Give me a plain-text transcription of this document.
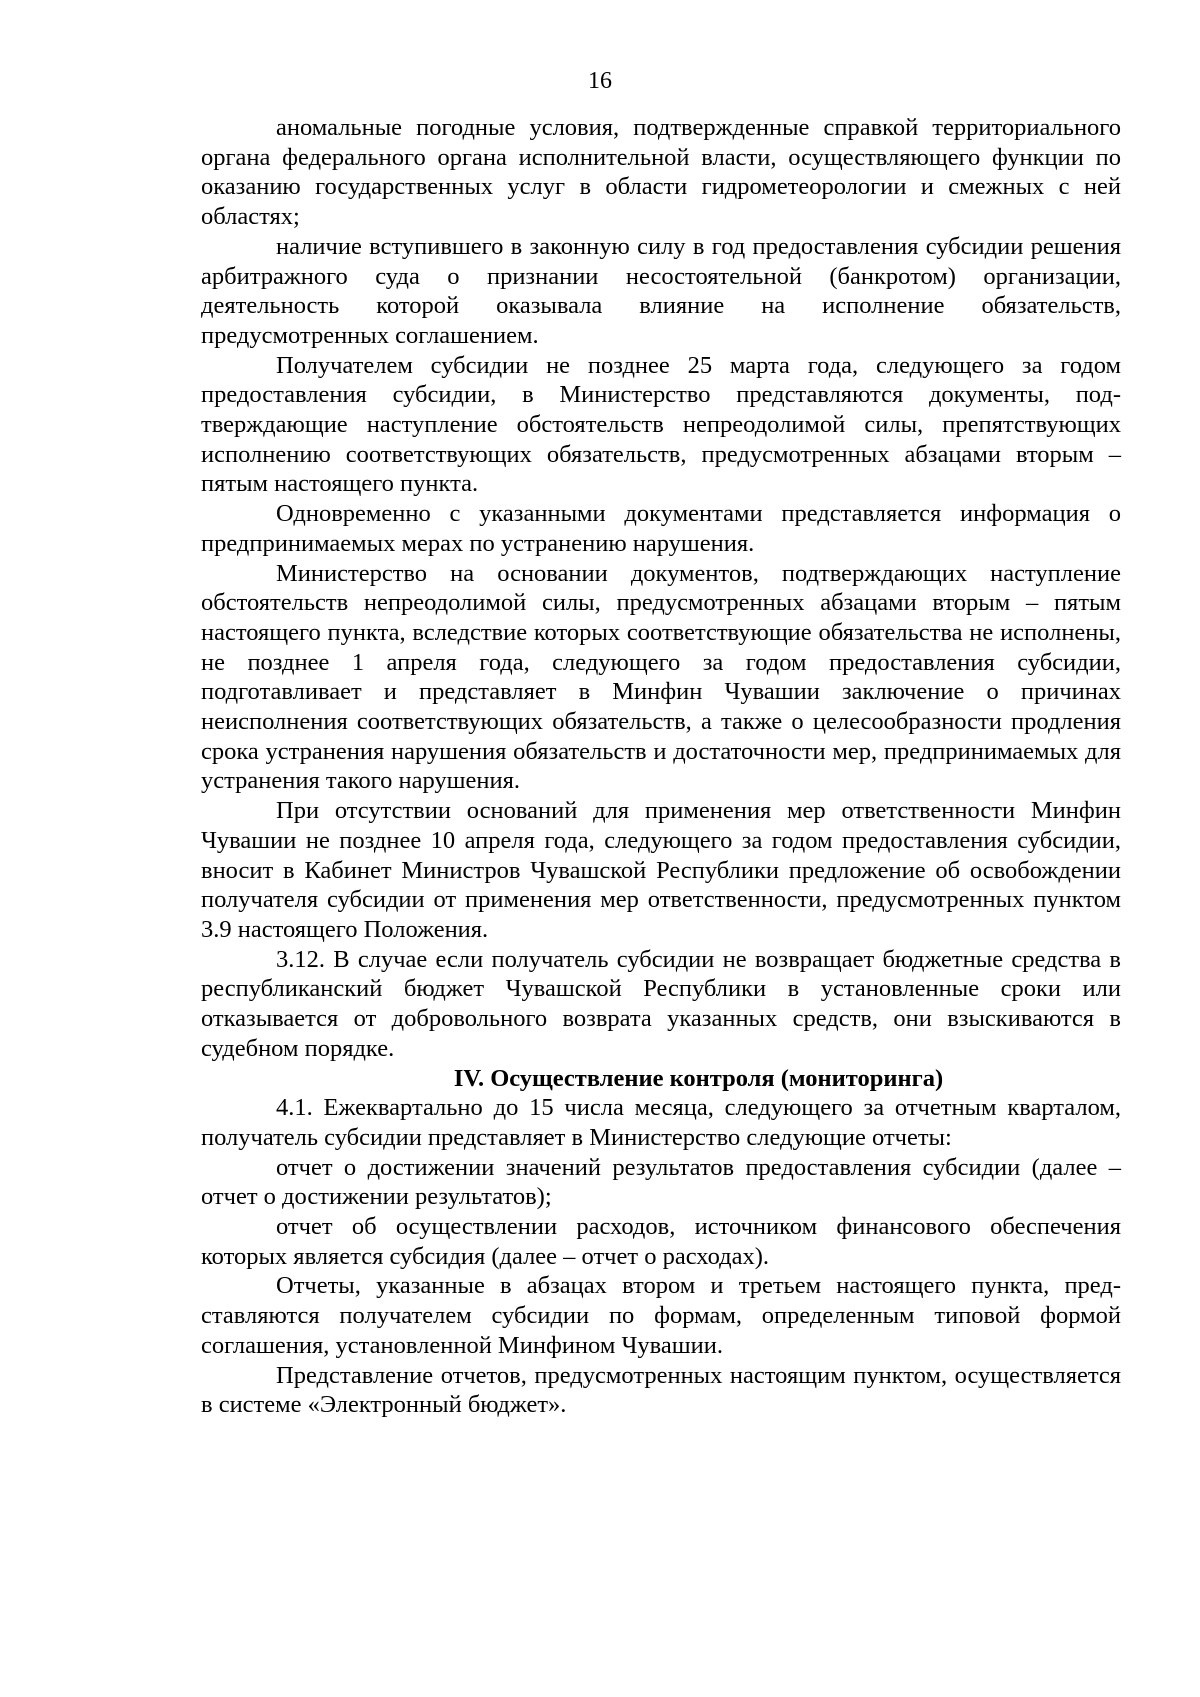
16

аномальные погодные условия, подтвержденные справкой территориального органа федерального органа исполнительной власти, осуществляющего функции по оказанию государственных услуг в области гидрометеорологии и смежных с ней областях;

наличие вступившего в законную силу в год предоставления субсидии решения арбитражного суда о признании несостоятельной (банкротом) организации, деятельность которой оказывала влияние на исполнение обязательств, предусмотренных соглашением.

Получателем субсидии не позднее 25 марта года, следующего за годом предоставления субсидии, в Министерство представляются документы, подтверждающие наступление обстоятельств непреодолимой силы, препятствующих исполнению соответствующих обязательств, предусмотренных абзацами вторым – пятым настоящего пункта.

Одновременно с указанными документами представляется информация о предпринимаемых мерах по устранению нарушения.

Министерство на основании документов, подтверждающих наступление обстоятельств непреодолимой силы, предусмотренных абзацами вторым – пятым настоящего пункта, вследствие которых соответствующие обязательства не исполнены, не позднее 1 апреля года, следующего за годом предоставления субсидии, подготавливает и представляет в Минфин Чувашии заключение о причинах неисполнения соответствующих обязательств, а также о целесообразности продления срока устранения нарушения обязательств и достаточности мер, предпринимаемых для устранения такого нарушения.

При отсутствии оснований для применения мер ответственности Минфин Чувашии не позднее 10 апреля года, следующего за годом предоставления субсидии, вносит в Кабинет Министров Чувашской Республики предложение об освобождении получателя субсидии от применения мер ответственности, предусмотренных пунктом 3.9 настоящего Положения.

3.12. В случае если получатель субсидии не возвращает бюджетные средства в республиканский бюджет Чувашской Республики в установленные сроки или отказывается от добровольного возврата указанных средств, они взыскиваются в судебном порядке.

IV. Осуществление контроля (мониторинга)

4.1. Ежеквартально до 15 числа месяца, следующего за отчетным кварталом, получатель субсидии представляет в Министерство следующие отчеты:

отчет о достижении значений результатов предоставления субсидии (далее – отчет о достижении результатов);

отчет об осуществлении расходов, источником финансового обеспечения которых является субсидия (далее – отчет о расходах).

Отчеты, указанные в абзацах втором и третьем настоящего пункта, представляются получателем субсидии по формам, определенным типовой формой соглашения, установленной Минфином Чувашии.

Представление отчетов, предусмотренных настоящим пунктом, осуществляется в системе «Электронный бюджет».
